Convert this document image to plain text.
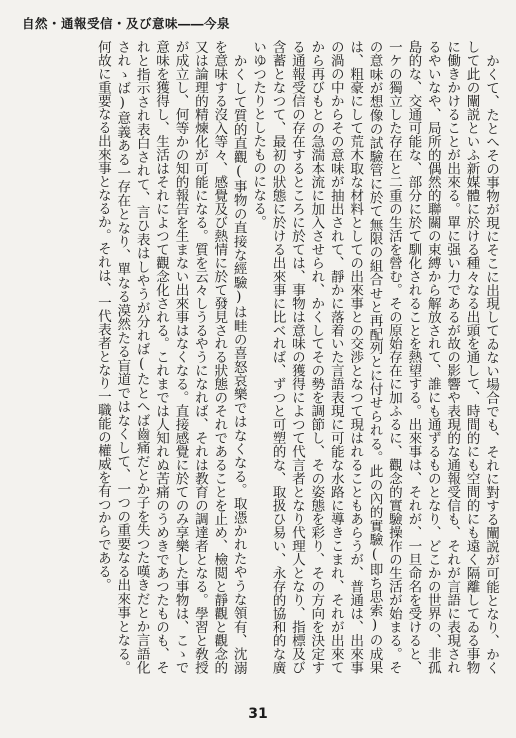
自然・通報受信・及び意味――今泉

かくて、たとへその事物が現にそこに出現してゐない場合でも、それに對する闡説が可能となり、かくして此の闡説といふ新媒體に於ける種々なる出頭を通して、時間的にも空間的にも遠く隔離してゐる事物に働きかけることが出來る。單に强い力であるが故の影響や表現的な通報受信も、それが言語に表現されるやいなや、局所的偶然的聯關の束縛から解放されて、誰にも通ずるものとなり、どこかの世界の、非孤島的な、交通可能な、部分に於て馴化されることを熱望する。出來事は、それが、一旦命名を受けると、一ケの獨立した存在と二重の生活を營む。その原始存在に加ふるに、觀念的實驗操作の生活が始まる。その意味が想像の試驗管に於て無限の組合せと再配列とに付せられる。此の內的實驗(即ち思索)の成果は、粗豪にして荒木取な材料としての出來事との交渉となつて現はれることもあらうが、普通は、出來事の渦の中からその意味が抽出されて、靜かに落着いた言語表現に可能な水路に導きこまれ、それが出來てから再びもとの急湍本流に加入させられ、かくしてその勢を調節し、その姿態を彩り、その方向を決定する通報受信の存在するところに於ては、事物は意味の獲得によつて代言者となり代理人となり、指標及び含蓄となつて、最初の狀態に於ける出來事に比べれば、ずつと可塑的な、取扱ひ易い、永存的協和的な廣いゆつたりとしたものになる。

かくして質的直觀(事物の直接な經驗)は畦の喜怒哀樂ではなくなる。取憑かれたやうな領有、沈溺を意味する沒入等々、感覺及び熱情に於て發見される狀態のそれであることを止め、檢閲と靜觀と觀念的又は論理的精煉化が可能になる。質を云々しうるやうになれば、それは教育の調達者となる。學習と敎授が成立し、何等かの知的報告を生まない出來事はなくなる。直接感覺に於てのみ享樂した事物は、こゝで意味を獲得し、生活はそれによつて觀念化される。これまでは人知れぬ苦痛のうめきであつたものも、それと指示され表白されて、言ひ表はしやうが分れば(たとへば齒痛だとか子を失つた嘆きだとか言語化されゝば)意義ある一存在となり、單なる漠然たる盲道ではなくして、一つの重要なる出來事となる。何故に重要なる出來事となるか。それは、一代表者となり一職能の權威を有つからである。

31
